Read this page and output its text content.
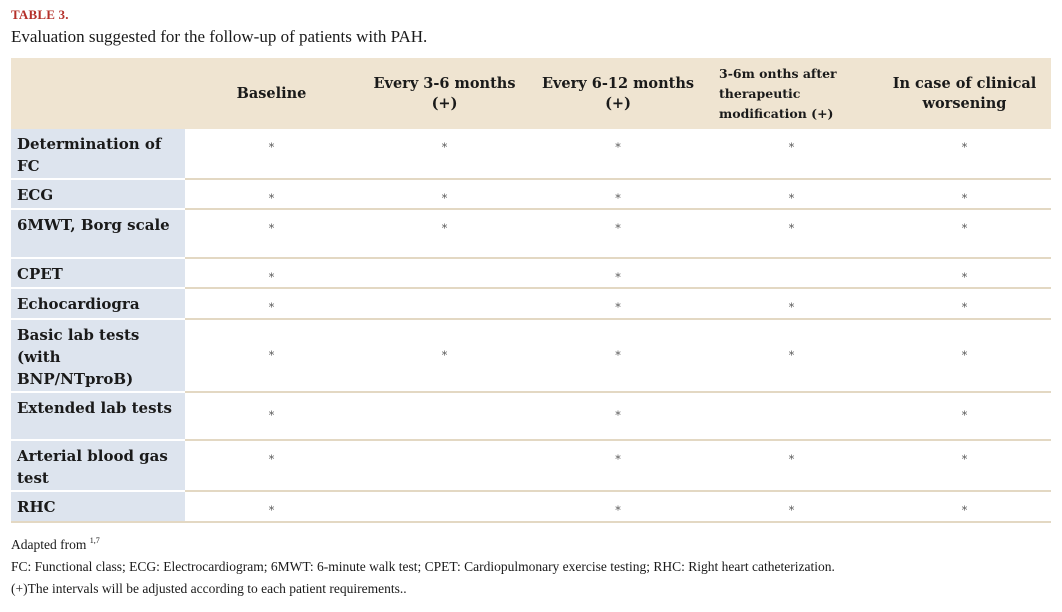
TABLE 3.
Evaluation suggested for the follow-up of patients with PAH.
	Baseline	Every 3-6 months (+)	Every 6-12 months (+)	3-6m onths after therapeutic modification (+)	In case of clinical worsening
Determination of FC	*	*	*	*	*
ECG	*	*	*	*	*
6MWT, Borg scale	*	*	*	*	*
CPET	*		*		*
Echocardiogra	*		*	*	*
Basic lab tests (with BNP/NTproB)	*	*	*	*	*
Extended lab tests	*		*		*
Arterial blood gas test	*		*	*	*
RHC	*		*	*	*
Adapted from $^{1,7}$
FC: Functional class; ECG: Electrocardiogram; 6MWT: 6-minute walk test; CPET: Cardiopulmonary exercise testing; RHC: Right heart catheterization.
(+)The intervals will be adjusted according to each patient requirements..
